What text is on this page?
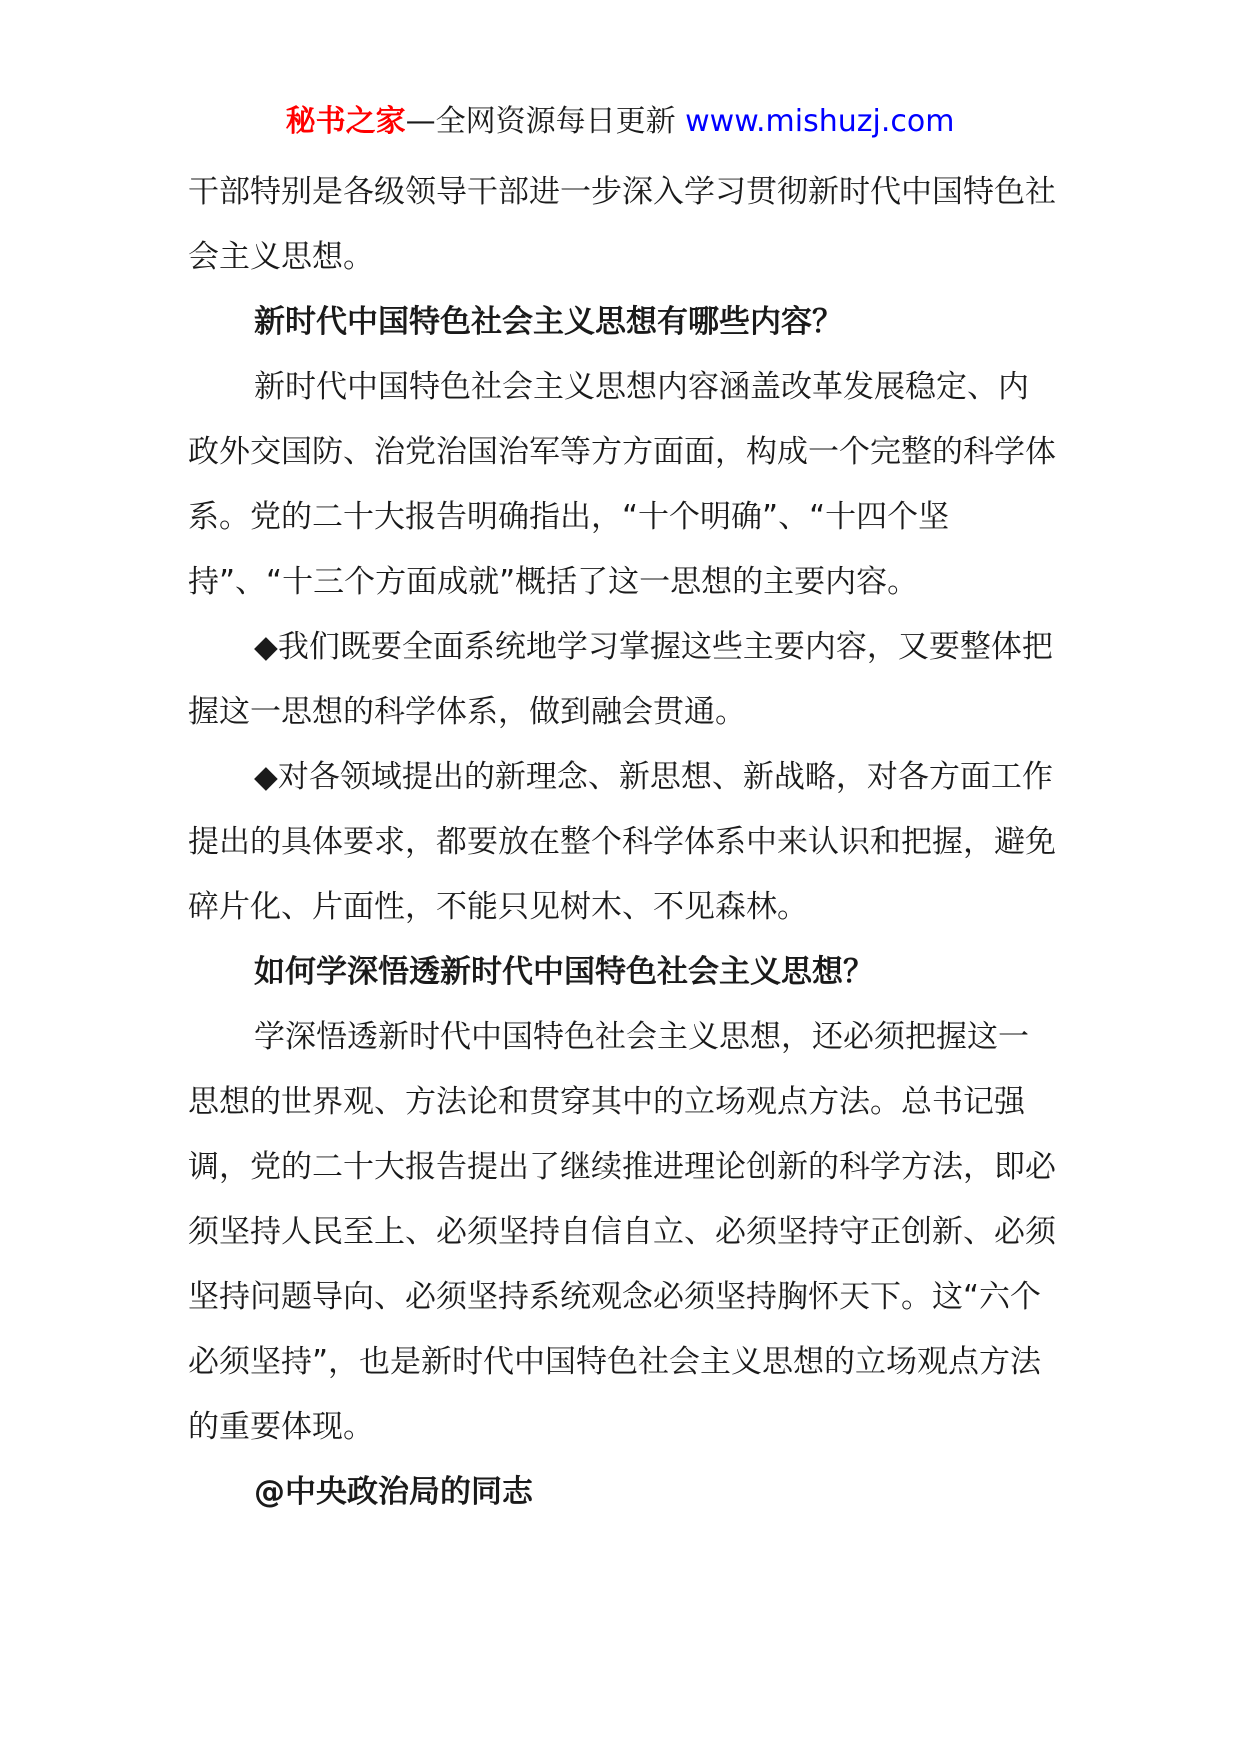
秘书之家—全网资源每日更新 www.mishuzj.com

干部特别是各级领导干部进一步深入学习贯彻新时代中国特色社会主义思想。

新时代中国特色社会主义思想有哪些内容？

新时代中国特色社会主义思想内容涵盖改革发展稳定、内政外交国防、治党治国治军等方方面面，构成一个完整的科学体系。党的二十大报告明确指出，“十个明确”、“十四个坚持”、“十三个方面成就”概括了这一思想的主要内容。

◆我们既要全面系统地学习掌握这些主要内容，又要整体把握这一思想的科学体系，做到融会贯通。

◆对各领域提出的新理念、新思想、新战略，对各方面工作提出的具体要求，都要放在整个科学体系中来认识和把握，避免碎片化、片面性，不能只见树木、不见森林。

如何学深悟透新时代中国特色社会主义思想？

学深悟透新时代中国特色社会主义思想，还必须把握这一思想的世界观、方法论和贯穿其中的立场观点方法。总书记强调，党的二十大报告提出了继续推进理论创新的科学方法，即必须坚持人民至上、必须坚持自信自立、必须坚持守正创新、必须坚持问题导向、必须坚持系统观念必须坚持胸怀天下。这“六个必须坚持”，也是新时代中国特色社会主义思想的立场观点方法的重要体现。

@中央政治局的同志
